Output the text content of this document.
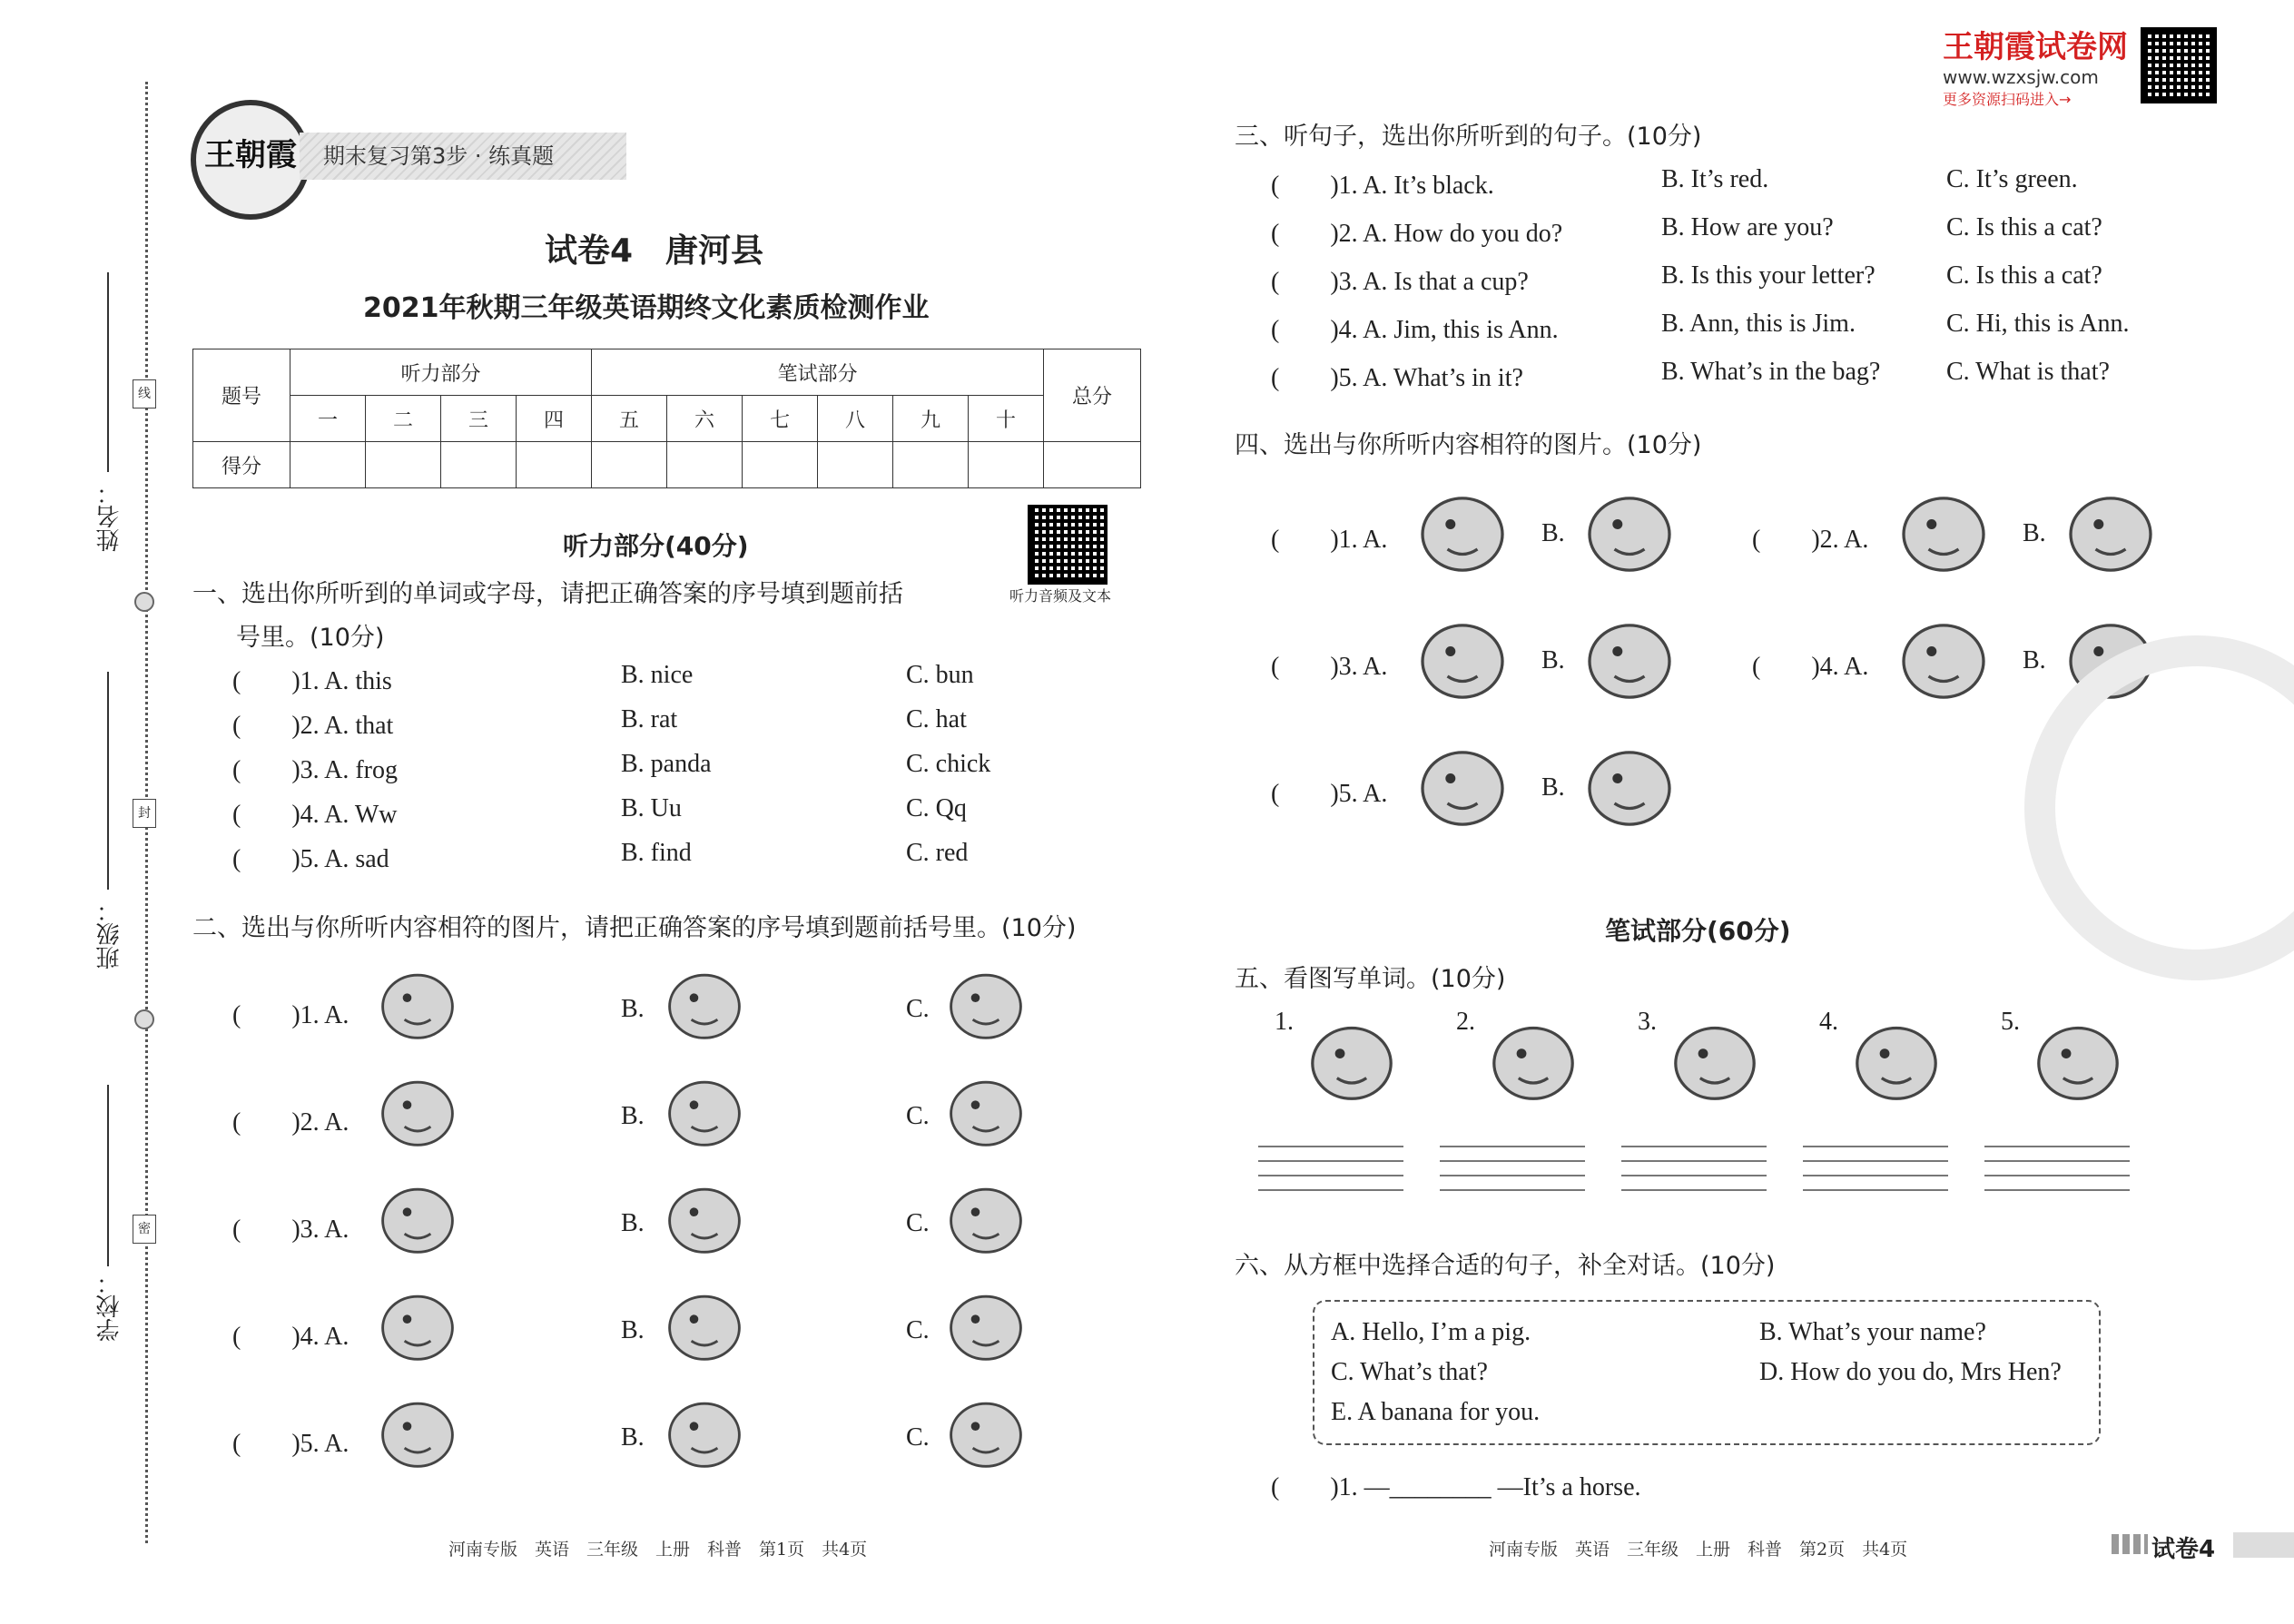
姓名：
班级：
学校：
线
封
密
王朝霞	期末复习第3步 · 练真题
试卷4　唐河县
2021年秋期三年级英语期终文化素质检测作业
题号	听力部分				笔试部分						总分
	一	二	三	四	五	六	七	八	九	十	
得分											
听力部分(40分)
听力音频及文本
一、选出你所听到的单词或字母，请把正确答案的序号填到题前括
号里。(10分)
(　　)1. A. this	B. nice	C. bun
(　　)2. A. that	B. rat	C. hat
(　　)3. A. frog	B. panda	C. chick
(　　)4. A. Ww	B. Uu	C. Qq
(　　)5. A. sad	B. find	C. red
二、选出与你所听内容相符的图片，请把正确答案的序号填到题前括号里。(10分)
(　　)1. A.	B.	C.
(　　)2. A.	B.	C.
(　　)3. A.	B.	C.
(　　)4. A.	B.	C.
(　　)5. A.	B.	C.
三、听句子，选出你所听到的句子。(10分)
(　　)1. A. It’s black.	B. It’s red.	C. It’s green.
(　　)2. A. How do you do?	B. How are you?	C. Is this a cat?
(　　)3. A. Is that a cup?	B. Is this your letter?	C. Is this a cat?
(　　)4. A. Jim, this is Ann.	B. Ann, this is Jim.	C. Hi, this is Ann.
(　　)5. A. What’s in it?	B. What’s in the bag?	C. What is that?
四、选出与你所听内容相符的图片。(10分)
(　　)1. A.	B.	(　　)2. A.	B.
(　　)3. A.	B.	(　　)4. A.	B.
(　　)5. A.	B.
笔试部分(60分)
五、看图写单词。(10分)
1.	2.	3.	4.	5.
六、从方框中选择合适的句子，补全对话。(10分)
A. Hello, I’m a pig.	B. What’s your name?
C. What’s that?	D. How do you do, Mrs Hen?
E. A banana for you.
(　　)1. —________ —It’s a horse.
王朝霞试卷网
www.wzxsjw.com
更多资源扫码进入→
河南专版　英语　三年级　上册　科普　第1页　共4页	河南专版　英语　三年级　上册　科普　第2页　共4页	试卷4
